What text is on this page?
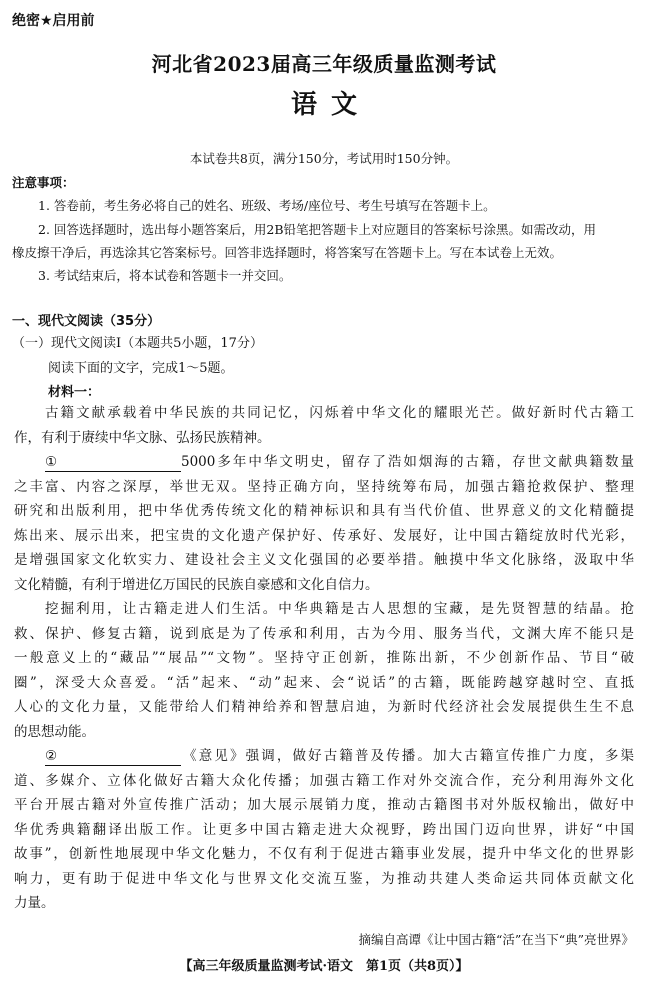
绝密★启用前
河北省2023届高三年级质量监测考试
语文
本试卷共8页，满分150分，考试用时150分钟。
注意事项：
1. 答卷前，考生务必将自己的姓名、班级、考场/座位号、考生号填写在答题卡上。
2. 回答选择题时，选出每小题答案后，用2B铅笔把答题卡上对应题目的答案标号涂黑。如需改动，用
橡皮擦干净后，再选涂其它答案标号。回答非选择题时，将答案写在答题卡上。写在本试卷上无效。
3. 考试结束后，将本试卷和答题卡一并交回。
一、现代文阅读（35分）
（一）现代文阅读Ⅰ（本题共5小题，17分）
阅读下面的文字，完成1～5题。
材料一：
古籍文献承载着中华民族的共同记忆，闪烁着中华文化的耀眼光芒。做好新时代古籍工
作，有利于赓续中华文脉、弘扬民族精神。
①	5000多年中华文明史，留存了浩如烟海的古籍，存世文献典籍数量
之丰富、内容之深厚，举世无双。坚持正确方向，坚持统筹布局，加强古籍抢救保护、整理
研究和出版利用，把中华优秀传统文化的精神标识和具有当代价值、世界意义的文化精髓提
炼出来、展示出来，把宝贵的文化遗产保护好、传承好、发展好，让中国古籍绽放时代光彩，
是增强国家文化软实力、建设社会主义文化强国的必要举措。触摸中华文化脉络，汲取中华
文化精髓，有利于增进亿万国民的民族自豪感和文化自信力。
挖掘利用，让古籍走进人们生活。中华典籍是古人思想的宝藏，是先贤智慧的结晶。抢
救、保护、修复古籍，说到底是为了传承和利用，古为今用、服务当代，文渊大库不能只是
一般意义上的“藏品”“展品”“文物”。坚持守正创新，推陈出新，不少创新作品、节目“破
圈”，深受大众喜爱。“活”起来、“动”起来、会“说话”的古籍，既能跨越穿越时空、直抵
人心的文化力量，又能带给人们精神给养和智慧启迪，为新时代经济社会发展提供生生不息
的思想动能。
②	《意见》强调，做好古籍普及传播。加大古籍宣传推广力度，多渠
道、多媒介、立体化做好古籍大众化传播；加强古籍工作对外交流合作，充分利用海外文化
平台开展古籍对外宣传推广活动；加大展示展销力度，推动古籍图书对外版权输出，做好中
华优秀典籍翻译出版工作。让更多中国古籍走进大众视野，跨出国门迈向世界，讲好“中国
故事”，创新性地展现中华文化魅力，不仅有利于促进古籍事业发展，提升中华文化的世界影
响力，更有助于促进中华文化与世界文化交流互鉴，为推动共建人类命运共同体贡献文化
力量。
摘编自高谭《让中国古籍“活”在当下“典”亮世界》
【高三年级质量监测考试·语文　第1页（共8页）】
